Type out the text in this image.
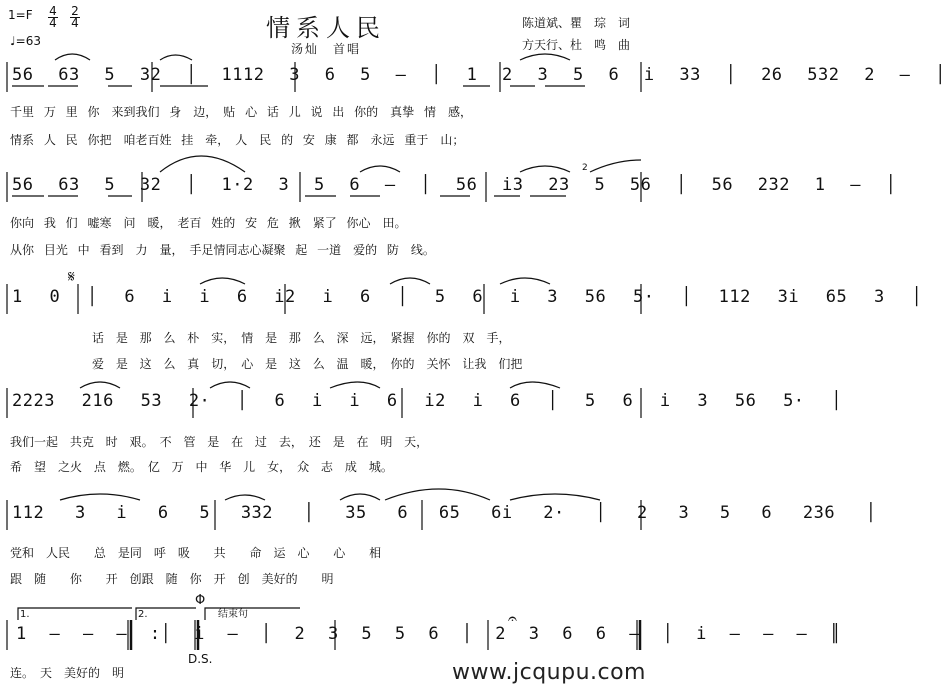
1=F 4
4
2
4
♩=63	情系人民
汤灿　首唱
陈道斌、瞿　琮　词
方天行、杜　鸣　曲
𝄋
Φ
𝄐
2
56 63 5 32 │ 1112 3 6 5 – │ 1 2 3 5 6 i 33 │ 26 532 2 – │
千里 万 里 你　来到我们 身　边，　贴 心 话 儿 说 出 你的　真挚 情　感，
情系 人 民 你把　咱老百姓 挂　牵，　人　民 的 安 康 都　永远 重于　山；
56 63 5 32 │ 1·2 3 5 6 – │ 56 i3 23 5 56 │ 56 232 1 – │
你向 我 们 嘘寒　问　暖，　老百 姓的 安 危 揪　紧了 你心　田。
从你 目光 中 看到　力　量，　手足情同志心凝聚 起 一道　爱的 防　线。
1 0 │ 6 i i 6 i2 i 6 │ 5 6 i 3 56 5· │ 112 3i 65 3 │
话 是 那 么 朴　实，　情 是 那 么 深　远，　紧握　你的　双　手，
爱 是 这 么 真　切，　心 是 这 么 温　暖，　你的　关怀 让我　们把
2223 216 53 2· │ 6 i i 6 i2 i 6 │ 5 6 i 3 56 5· │
我们一起 共克 时　艰。　不 管 是 在 过　去，　还 是 在 明 天，
希　望　之火 点　燃。　亿 万 中 华 儿　女，　众 志　成　城。
112 3 i 6 5 332 │ 35 6 65 6i 2· │ 2 3 5 6 236 │
党和　人民 总　是同　呼　吸 共 命　运　心 心 相
跟　随 你 开　创跟　随　你　开　创　美好的 明
1.	2.	结束句
1 – – – :│ i – │ 2 3 5 5 6 │ 2 3 6 6 – │ i – – – ║
连。　天　美好的　明
D.S.
www.jcqupu.com
